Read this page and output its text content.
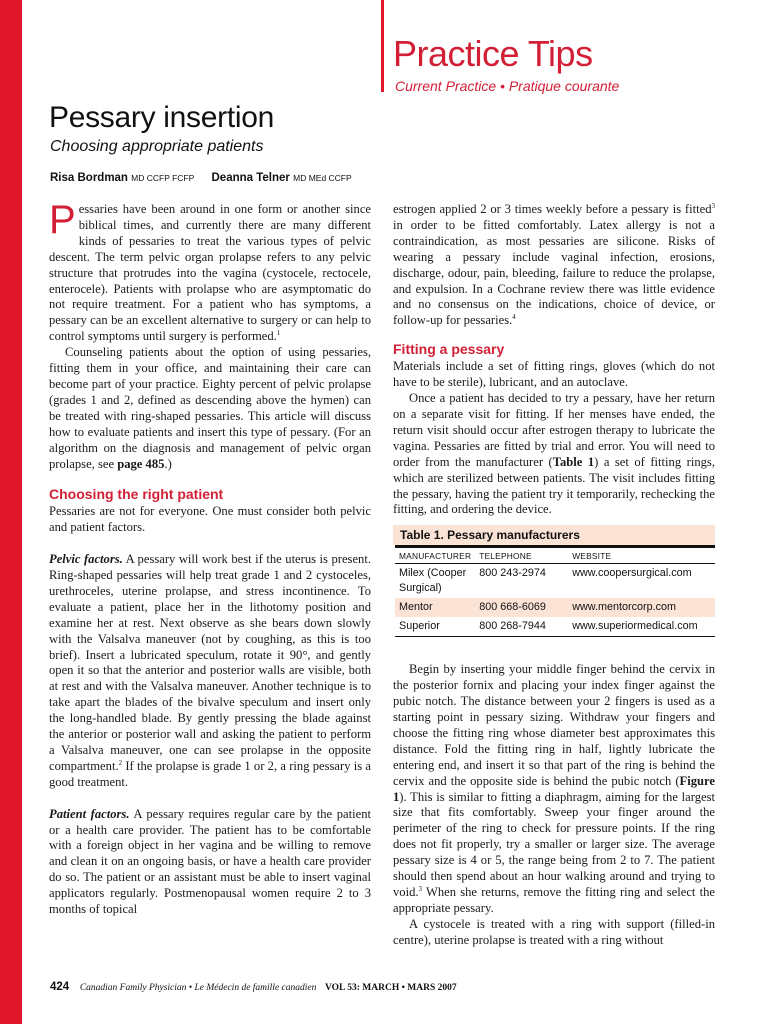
Practice Tips
Current Practice • Pratique courante
Pessary insertion
Choosing appropriate patients
Risa Bordman MD CCFP FCFP Deanna Telner MD MEd CCFP

Pessaries have been around in one form or another since biblical times, and currently there are many different kinds of pessaries to treat the various types of pelvic descent. The term pelvic organ prolapse refers to any pelvic structure that protrudes into the vagina (cystocele, rectocele, enterocele). Patients with prolapse who are asymptomatic do not require treatment. For a patient who has symptoms, a pessary can be an excellent alternative to surgery or can help to control symptoms until surgery is performed.$^1$

Counseling patients about the option of using pessaries, fitting them in your office, and maintaining their care can become part of your practice. Eighty percent of pelvic prolapse (grades 1 and 2, defined as descending above the hymen) can be treated with ring-shaped pessaries. This article will discuss how to evaluate patients and insert this type of pessary. (For an algorithm on the diagnosis and management of pelvic organ prolapse, see page 485.)

Choosing the right patient

Pessaries are not for everyone. One must consider both pelvic and patient factors.

Pelvic factors. A pessary will work best if the uterus is present. Ring-shaped pessaries will help treat grade 1 and 2 cystoceles, urethroceles, uterine prolapse, and stress incontinence. To evaluate a patient, place her in the lithotomy position and examine her at rest. Next observe as she bears down slowly with the Valsalva maneuver (not by coughing, as this is too brief). Insert a lubricated speculum, rotate it 90°, and gently open it so that the anterior and posterior walls are visible, both at rest and with the Valsalva maneuver. Another technique is to take apart the blades of the bivalve speculum and insert only the long-handled blade. By gently pressing the blade against the anterior or posterior wall and asking the patient to perform a Valsalva maneuver, one can see prolapse in the opposite compartment.$^2$ If the prolapse is grade 1 or 2, a ring pessary is a good treatment.

Patient factors. A pessary requires regular care by the patient or a health care provider. The patient has to be comfortable with a foreign object in her vagina and be willing to remove and clean it on an ongoing basis, or have a health care provider do so. The patient or an assistant must be able to insert vaginal applicators regularly. Postmenopausal women require 2 to 3 months of topical

estrogen applied 2 or 3 times weekly before a pessary is fitted$^3$ in order to be fitted comfortably. Latex allergy is not a contraindication, as most pessaries are silicone. Risks of wearing a pessary include vaginal infection, erosions, discharge, odour, pain, bleeding, failure to reduce the prolapse, and expulsion. In a Cochrane review there was little evidence and no consensus on the indications, choice of device, or follow-up for pessaries.$^4$

Fitting a pessary

Materials include a set of fitting rings, gloves (which do not have to be sterile), lubricant, and an autoclave.

Once a patient has decided to try a pessary, have her return on a separate visit for fitting. If her menses have ended, the return visit should occur after estrogen therapy to lubricate the vagina. Pessaries are fitted by trial and error. You will need to order from the manufacturer (Table 1) a set of fitting rings, which are sterilized between patients. The visit includes fitting the pessary, having the patient try it temporarily, rechecking the fitting, and ordering the device.

Begin by inserting your middle finger behind the cervix in the posterior fornix and placing your index finger against the pubic notch. The distance between your 2 fingers is used as a starting point in pessary sizing. Withdraw your fingers and choose the fitting ring whose diameter best approximates this distance. Fold the fitting ring in half, lightly lubricate the entering end, and insert it so that part of the ring is behind the cervix and the opposite side is behind the pubic notch (Figure 1). This is similar to fitting a diaphragm, aiming for the largest size that fits comfortably. Sweep your finger around the perimeter of the ring to check for pressure points. If the ring does not fit properly, try a smaller or larger size. The average pessary size is 4 or 5, the range being from 2 to 7. The patient should then spend about an hour walking around and trying to void.$^3$ When she returns, remove the fitting ring and select the appropriate pessary.

A cystocele is treated with a ring with support (filled-in centre), uterine prolapse is treated with a ring without

Table 1. Pessary manufacturers
MANUFACTURER	TELEPHONE	WEBSITE
Milex (Cooper Surgical)	800 243-2974	www.coopersurgical.com
Mentor	800 668-6069	www.mentorcorp.com
Superior	800 268-7944	www.superiormedical.com
424 Canadian Family Physician • Le Médecin de famille canadien VOL 53: MARCH • MARS 2007
